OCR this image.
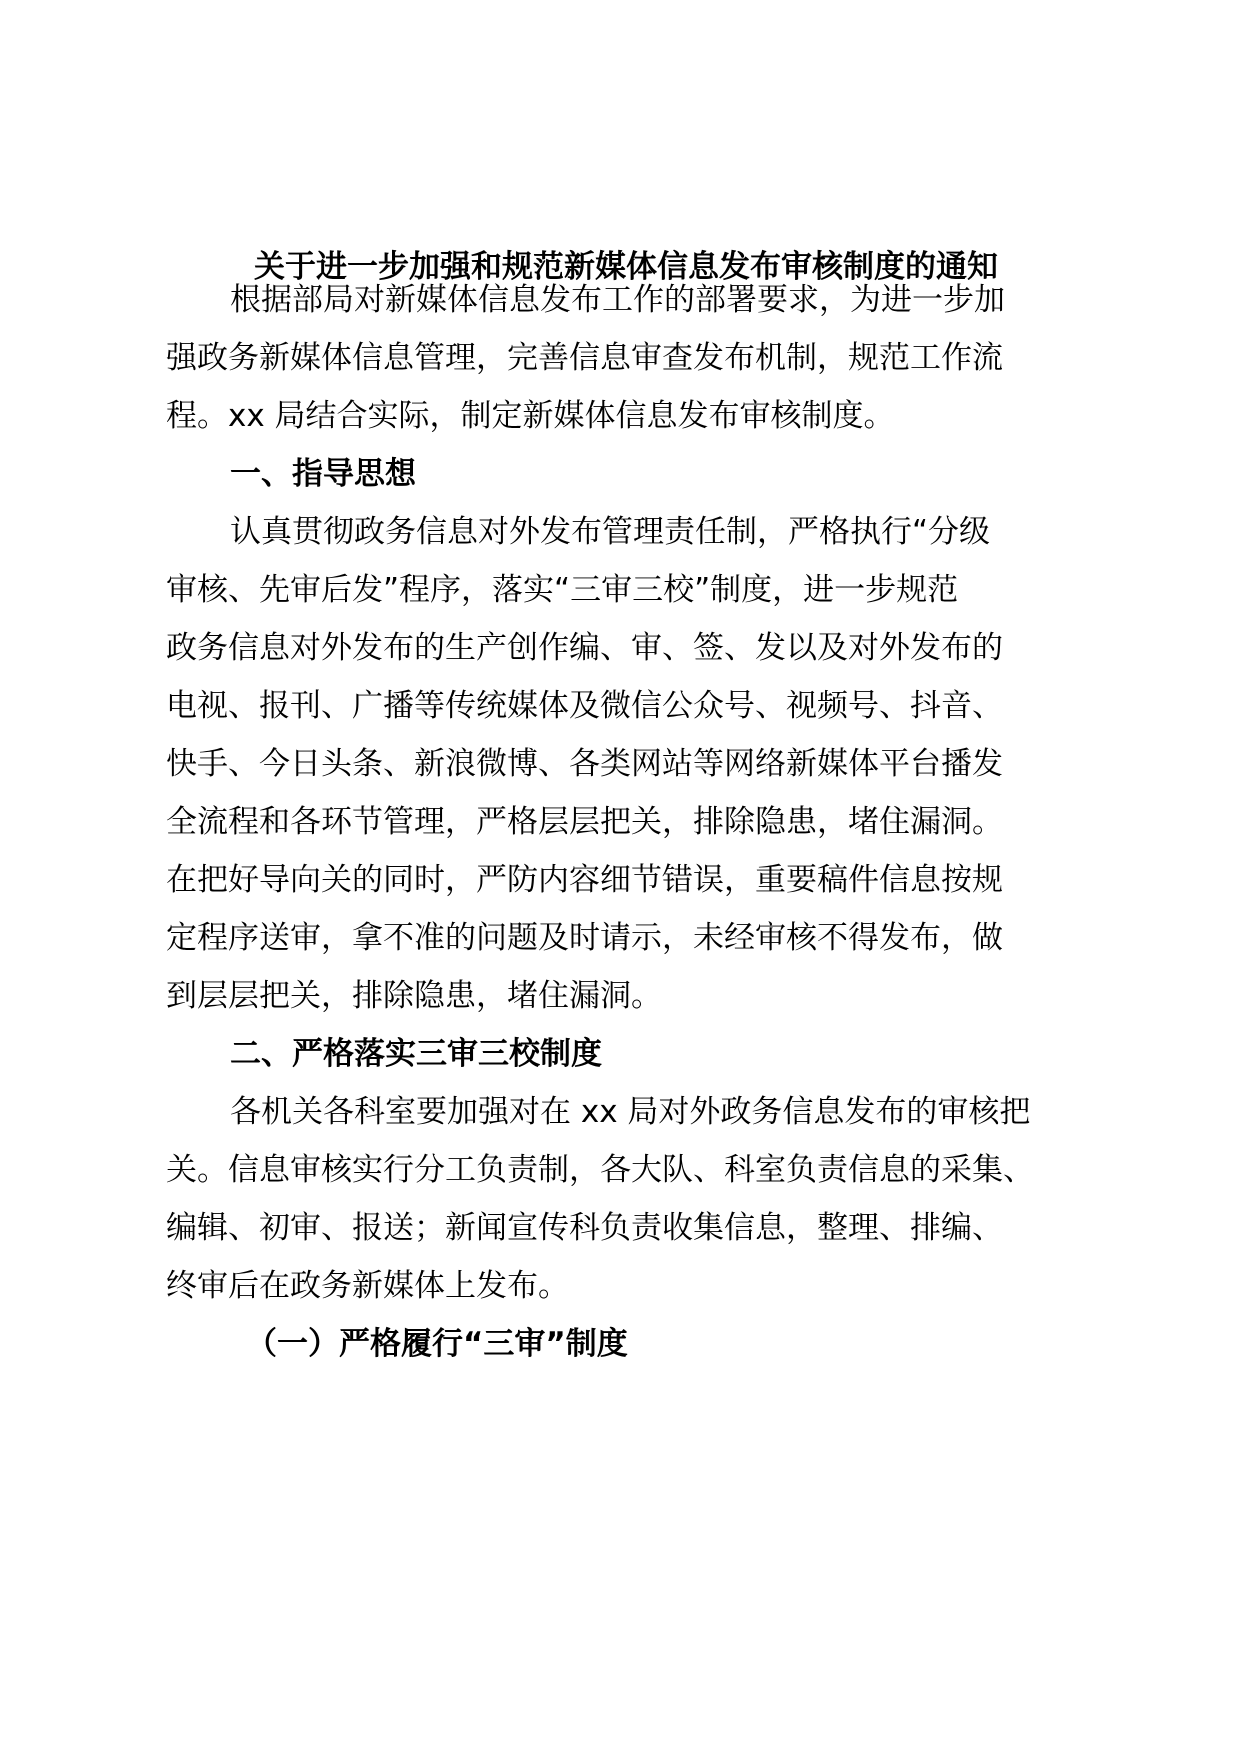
关于进一步加强和规范新媒体信息发布审核制度的通知
根据部局对新媒体信息发布工作的部署要求，为进一步加
强政务新媒体信息管理，完善信息审查发布机制，规范工作流
程。xx 局结合实际，制定新媒体信息发布审核制度。
一、指导思想
认真贯彻政务信息对外发布管理责任制，严格执行“分级
审核、先审后发”程序，落实“三审三校”制度，进一步规范
政务信息对外发布的生产创作编、审、签、发以及对外发布的
电视、报刊、广播等传统媒体及微信公众号、视频号、抖音、
快手、今日头条、新浪微博、各类网站等网络新媒体平台播发
全流程和各环节管理，严格层层把关，排除隐患，堵住漏洞。
在把好导向关的同时，严防内容细节错误，重要稿件信息按规
定程序送审，拿不准的问题及时请示，未经审核不得发布，做
到层层把关，排除隐患，堵住漏洞。
二、严格落实三审三校制度
各机关各科室要加强对在 xx 局对外政务信息发布的审核把
关。信息审核实行分工负责制，各大队、科室负责信息的采集、
编辑、初审、报送；新闻宣传科负责收集信息，整理、排编、
终审后在政务新媒体上发布。
（一）严格履行“三审”制度
